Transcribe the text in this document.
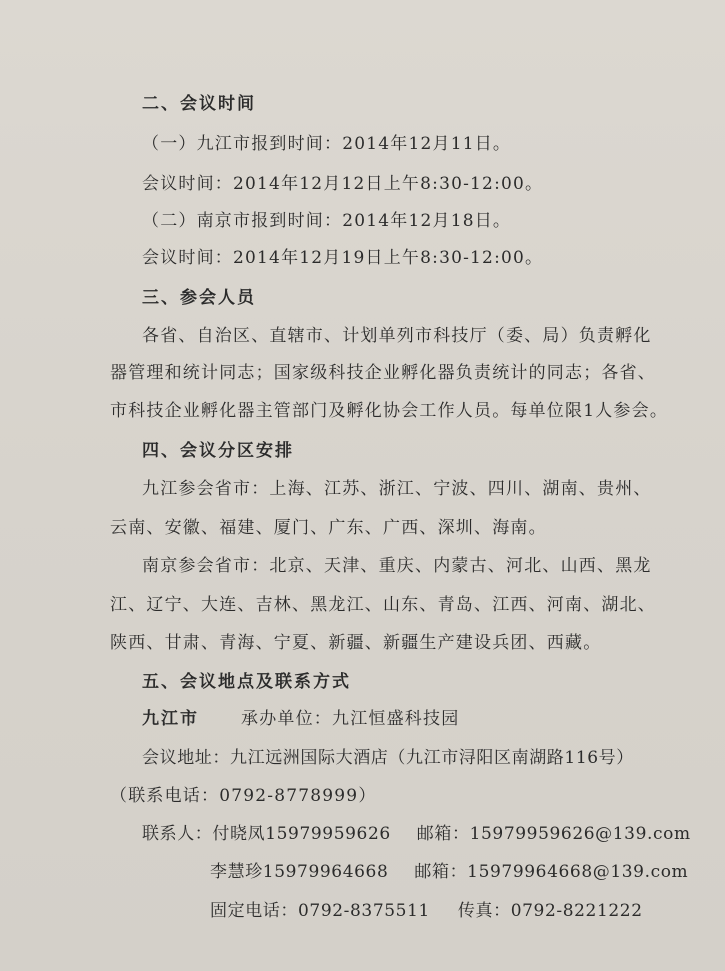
二、会议时间
（一）九江市报到时间：2014年12月11日。
会议时间：2014年12月12日上午8:30-12:00。
（二）南京市报到时间：2014年12月18日。
会议时间：2014年12月19日上午8:30-12:00。
三、参会人员
各省、自治区、直辖市、计划单列市科技厅（委、局）负责孵化
器管理和统计同志；国家级科技企业孵化器负责统计的同志；各省、
市科技企业孵化器主管部门及孵化协会工作人员。每单位限1人参会。
四、会议分区安排
九江参会省市：上海、江苏、浙江、宁波、四川、湖南、贵州、
云南、安徽、福建、厦门、广东、广西、深圳、海南。
南京参会省市：北京、天津、重庆、内蒙古、河北、山西、黑龙
江、辽宁、大连、吉林、黑龙江、山东、青岛、江西、河南、湖北、
陕西、甘肃、青海、宁夏、新疆、新疆生产建设兵团、西藏。
五、会议地点及联系方式
九江市 承办单位：九江恒盛科技园
会议地址：九江远洲国际大酒店（九江市浔阳区南湖路116号）
（联系电话：0792-8778999）
联系人：付晓凤15979959626 邮箱：15979959626@139.com
李慧珍15979964668 邮箱：15979964668@139.com
固定电话：0792-8375511 传真：0792-8221222
